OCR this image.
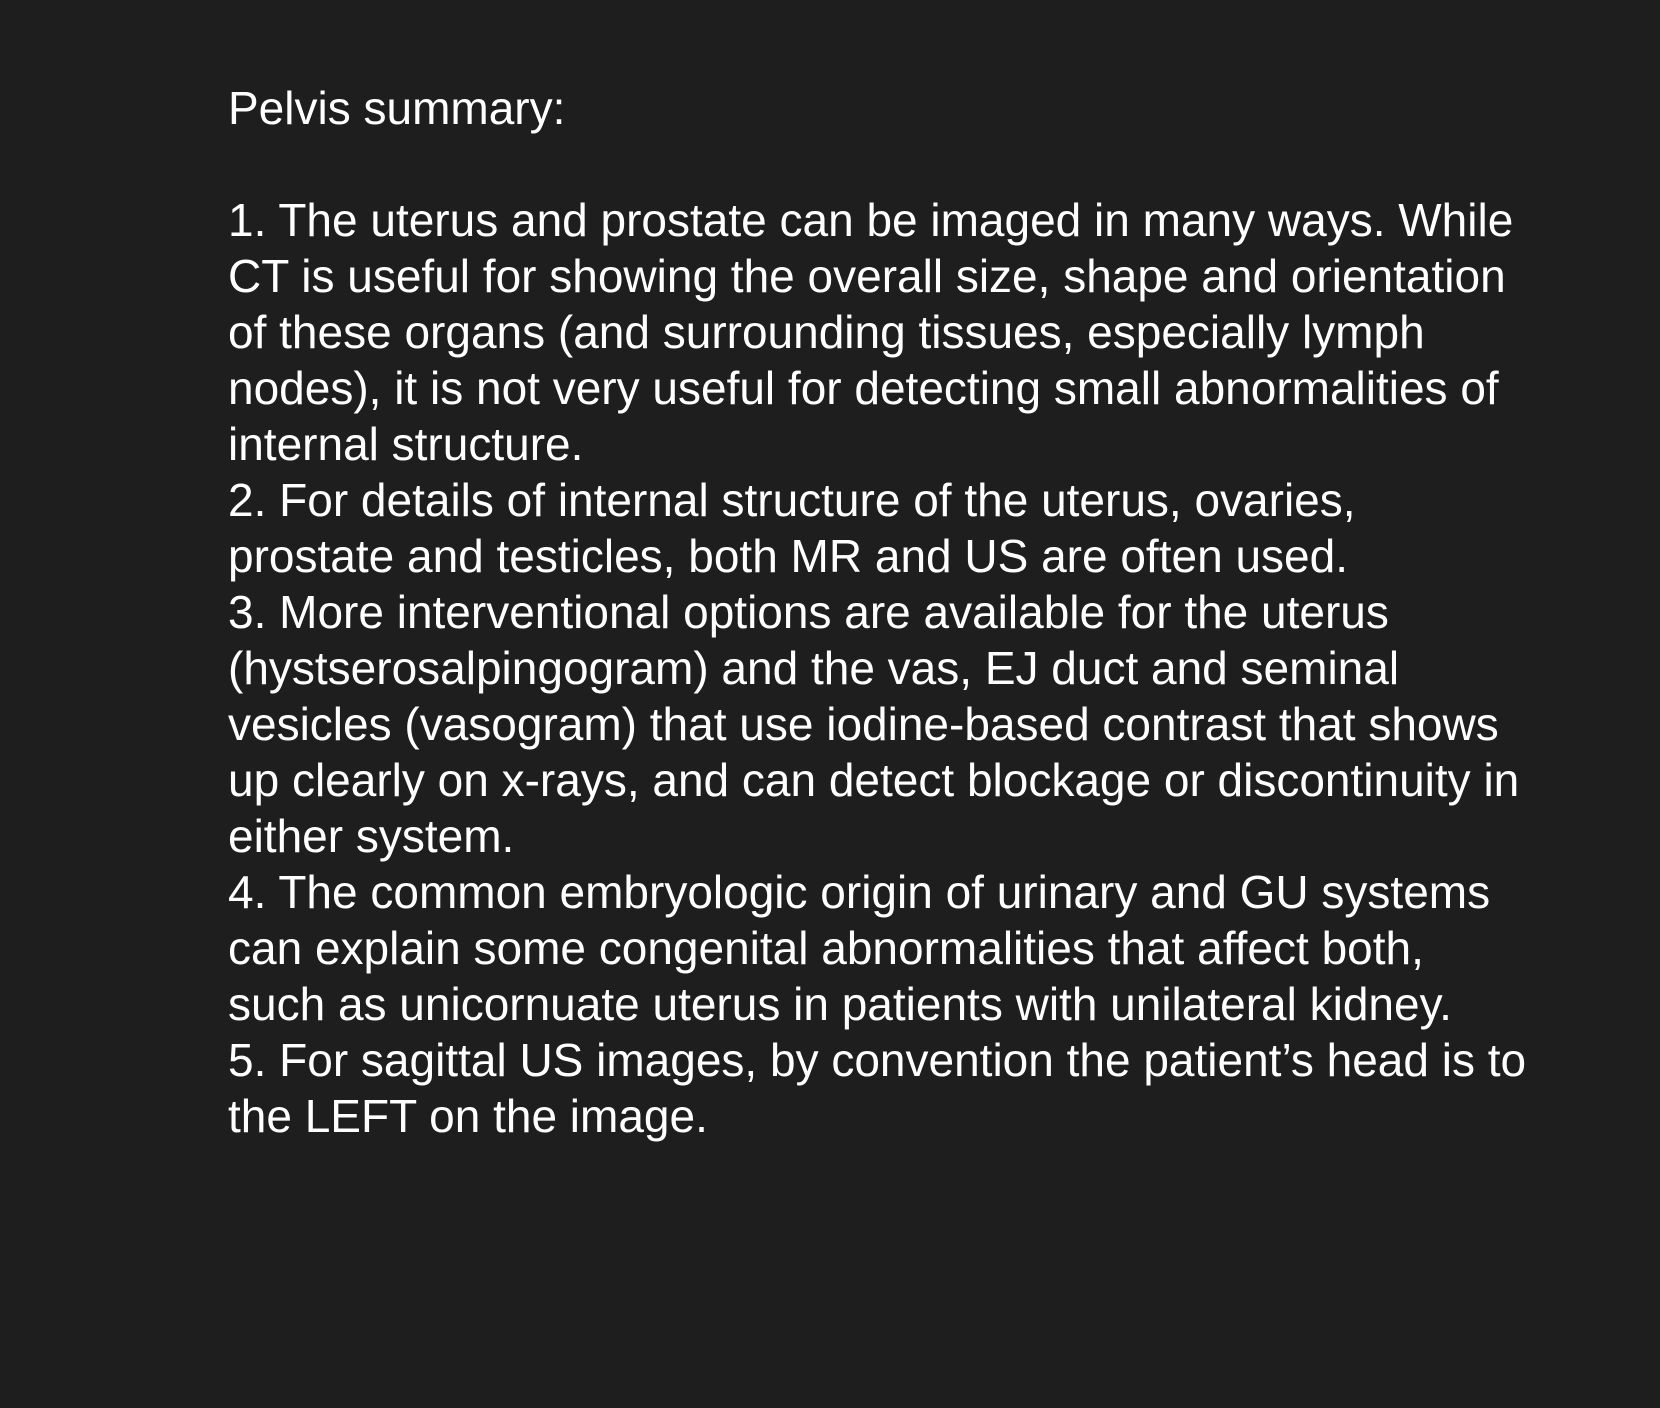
Pelvis summary:
1. The uterus and prostate can be imaged in many ways. While CT is useful for showing the overall size, shape and orientation of these organs (and surrounding tissues, especially lymph nodes), it is not very useful for detecting small abnormalities of internal structure.
2. For details of internal structure of the uterus, ovaries, prostate and testicles, both MR and US are often used.
3. More interventional options are available for the uterus (hystserosalpingogram) and the vas, EJ duct and seminal vesicles (vasogram) that use iodine-based contrast that shows up clearly on x-rays, and can detect blockage or discontinuity in either system.
4. The common embryologic origin of urinary and GU systems can explain some congenital abnormalities that affect both, such as unicornuate uterus in patients with unilateral kidney.
5. For sagittal US images, by convention the patient’s head is to the LEFT on the image.
